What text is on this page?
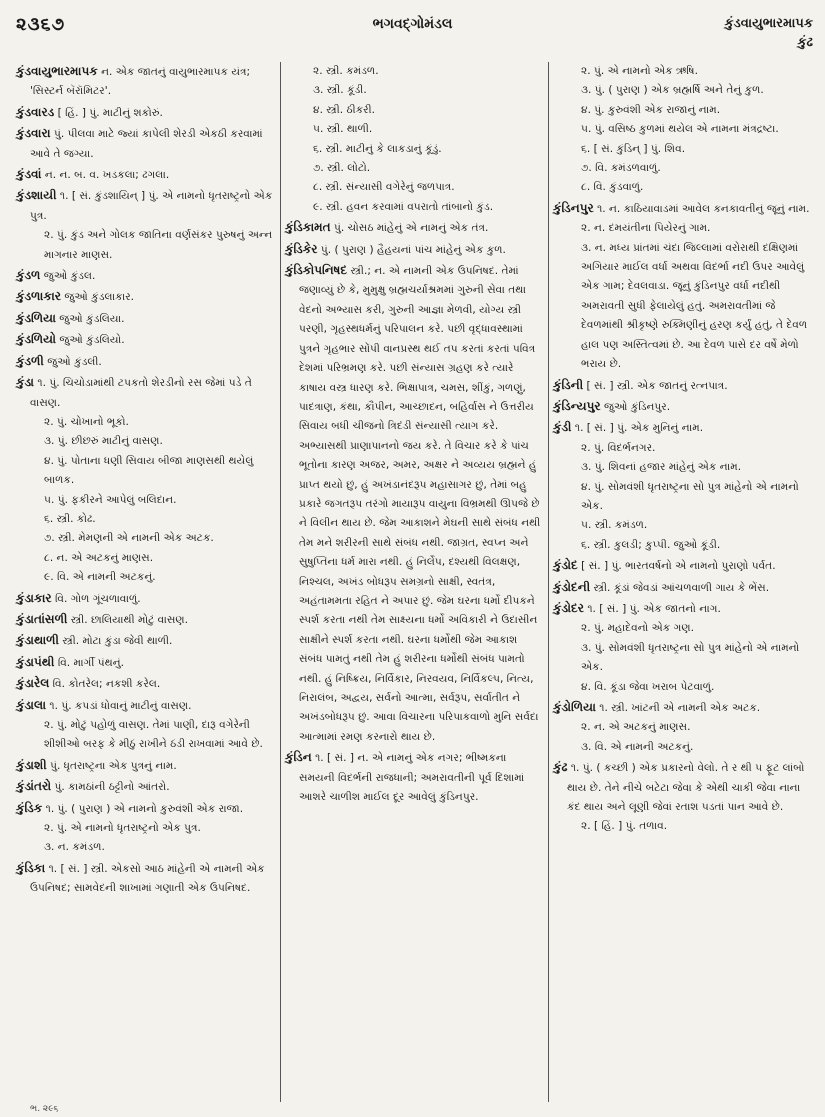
૨૩૬૭	ભગવદ્ગોમંડલ	કુંડવાયુભારમાપક
કુંઢ
કુંડવાયુભારમાપક ન. એક જાતનું વાયુભારમાપક યંત્ર; 'સિસ્ટર્ન બૅરૉમિટર'.
કુંડવારડ [ હિં. ] પું. માટીનું શકોરું.
કુંડવારા પું. પીલવા માટે જ્યાં કાપેલી શેરડી એકઠી કરવામાં આવે તે જગ્યા.
કુંડવાં ન. ન. બ. વ. ખડકલા; ઢગલા.
કુંડશાયી ૧. [ સં. કુંડશાયિન્ ] પું. એ નામનો ધૃતરાષ્ટ્રનો એક પુત્ર.
૨. પું. કુંડ અને ગોલક જાતિના વર્ણસંકર પુરુષનું અન્ન માગનાર માણસ.
કુંડળ જુઓ કુંડલ.
કુંડળાકાર જુઓ કુંડલાકાર.
કુંડળિયા જુઓ કુંડલિયા.
કુંડળિયો જુઓ કુંડલિયો.
કુંડળી જુઓ કુંડલી.
કુંડા ૧. પું. ચિચોડામાંથી ટપકતો શેરડીનો રસ જેમાં પડે તે વાસણ.
૨. પું. ચોખાનો ભૂકો.
૩. પું. છીછરું માટીનું વાસણ.
૪. પું. પોતાના ધણી સિવાય બીજા માણસથી થયેલું બાળક.
૫. પું. ફકીરને આપેલું બલિદાન.
૬. સ્ત્રી. કોઢ.
૭. સ્ત્રી. મેમણની એ નામની એક અટક.
૮. ન. એ અટકનું માણસ.
૯. વિ. એ નામની અટકનું.
કુંડાકાર વિ. ગોળ ગૂંચળાવાળું.
કુંડાતાંસળી સ્ત્રી. છાલિયાથી મોટું વાસણ.
કુંડાથાળી સ્ત્રી. મોટા કુંડા જેવી થાળી.
કુંડાપંથી વિ. માર્ગી પંથનું.
કુંડારેલ વિ. કોતરેલ; નકશી કરેલ.
કુંડાલા ૧. પું. કપડાં ધોવાનું માટીનું વાસણ.
૨. પું. મોટું પહોળું વાસણ. તેમાં પાણી, દારૂ વગેરેની શીશીઓ બરફ કે મીઠું રાખીને ઠંડી રાખવામાં આવે છે.
કુંડાશી પું. ધૃતરાષ્ટ્રના એક પુત્રનું નામ.
કુંડાંતરો પું. કામઠાંની ઠટ્ટીનો આંતરો.
કુંડિક ૧. પું. ( પુરાણ ) એ નામનો કુરુવંશી એક રાજા.
૨. પું. એ નામનો ધૃતરાષ્ટ્રનો એક પુત્ર.
૩. ન. કમંડળ.
કુંડિકા ૧. [ સં. ] સ્ત્રી. એકસો આઠ માંહેની એ નામની એક ઉપનિષદ; સામવેદની શાખામાં ગણાતી એક ઉપનિષદ.
૨. સ્ત્રી. કમંડળ.
૩. સ્ત્રી. કૂંડી.
૪. સ્ત્રી. ઠીકરી.
૫. સ્ત્રી. થાળી.
૬. સ્ત્રી. માટીનું કે લાકડાનું કૂંડું.
૭. સ્ત્રી. લોટો.
૮. સ્ત્રી. સંન્યાસી વગેરેનું જળપાત્ર.
૯. સ્ત્રી. હવન કરવામાં વપરાતો તાંબાનો કુંડ.
કુંડિકામત પું. ચોસઠ માંહેનું એ નામનું એક તંત્ર.
કુંડિકેર પું. ( પુરાણ ) હૈહયનાં પાંચ માંહેનું એક કુળ.
કુંડિકોપનિષદ સ્ત્રી.; ન. એ નામની એક ઉપનિષદ. તેમાં જણાવ્યું છે કે, મુમુક્ષુ બ્રહ્મચર્યાશ્રમમાં ગુરુની સેવા તથા વેદનો અભ્યાસ કરી, ગુરુની આજ્ઞા મેળવી, યોગ્ય સ્ત્રી પરણી, ગૃહસ્થધર્મનું પરિપાલન કરે. પછી વૃદ્ધાવસ્થામાં પુત્રને ગૃહભાર સોંપી વાનપ્રસ્થ થઈ તપ કરતાં કરતાં પવિત્ર દેશમાં પરિભ્રમણ કરે. પછી સંન્યાસ ગ્રહણ કરે ત્યારે કાષાય વસ્ત્ર ધારણ કરે. ભિક્ષાપાત્ર, ચમસ, શીંકું, ગળણું, પાદત્રાણ, કંથા, કૌપીન, આચ્છાદન, બહિર્વાસ ને ઉત્તરીય સિવાય બધી ચીજનો ત્રિદંડી સંન્યાસી ત્યાગ કરે. અભ્યાસથી પ્રાણાપાનનો જય કરે. તે વિચાર કરે કે પાંચ ભૂતોના કારણ અજર, અમર, અક્ષર ને અવ્યય બ્રહ્મને હું પ્રાપ્ત થયો છું, હું અખંડાનંદરૂપ મહાસાગર છું, તેમાં બહુ પ્રકારે જગતરૂપ તરંગો માયારૂપ વાયુના વિભ્રમથી ઊપજે છે ને વિલીન થાય છે. જેમ આકાશને મેઘની સાથે સંબંધ નથી તેમ મને શરીરની સાથે સંબંધ નથી. જાગ્રત, સ્વપ્ન અને સુષુપ્તિના ધર્મ મારા નથી. હું નિર્લેપ, દશ્યથી વિલક્ષણ, નિશ્ચલ, અખંડ બોધરૂપ સમગ્રનો સાક્ષી, સ્વતંત્ર, અહંતામમતા રહિત ને અપાર છું. જેમ ઘરના ધર્મો દીપકને સ્પર્શ કરતા નથી તેમ સાક્ષ્યના ધર્મો અવિકારી ને ઉદાસીન સાક્ષીને સ્પર્શ કરતા નથી. ઘરના ધર્મોથી જેમ આકાશ સંબંધ પામતું નથી તેમ હું શરીરના ધર્મોથી સંબંધ પામતો નથી. હું નિષ્ક્રિય, નિર્વિકાર, નિરવયવ, નિર્વિકલ્પ, નિત્ય, નિરાલંબ, અદ્વય, સર્વનો આત્મા, સર્વરૂપ, સર્વાતીત ને અખંડબોધરૂપ છું. આવા વિચારના પરિપાકવાળો મુનિ સર્વદા આત્મામાં રમણ કરનારો થાય છે.
કુંડિન ૧. [ સં. ] ન. એ નામનું એક નગર; ભીષ્મકના સમયની વિદર્ભની રાજધાની; અમરાવતીની પૂર્વ દિશામાં આશરે ચાળીશ માઈલ દૂર આવેલું કુંડિનપુર.
૨. પું. એ નામનો એક ઋષિ.
૩. પું. ( પુરાણ ) એક બ્રહ્મર્ષિ અને તેનું કુળ.
૪. પું. કુરુવંશી એક રાજાનું નામ.
૫. પું. વસિષ્ઠ કુળમાં થયેલ એ નામના મંત્રદ્રષ્ટા.
૬. [ સં. કુંડિન્ ] પું. શિવ.
૭. વિ. કમંડળવાળું.
૮. વિ. કુંડવાળું.
કુંડિનપુર ૧. ન. કાઠિયાવાડમાં આવેલ કનકાવતીનું જૂનું નામ.
૨. ન. દમયંતીના પિયેરનું ગામ.
૩. ન. મધ્ય પ્રાંતમાં ચંદા જિલ્લામાં વરોરાથી દક્ષિણમાં અગિયાર માઈલ વર્ધા અથવા વિદર્ભા નદી ઉપર આવેલું એક ગામ; દેવલવાડા. જૂનું કુંડિનપુર વર્ધા નદીથી અમરાવતી સુધી ફેલાયેલું હતું. અમરાવતીમાં જે દેવળમાંથી શ્રીકૃષ્ણે રુક્મિણીનું હરણ કર્યું હતું, તે દેવળ હાલ પણ અસ્તિત્વમાં છે. આ દેવળ પાસે દર વર્ષે મેળો ભરાય છે.
કુંડિની [ સં. ] સ્ત્રી. એક જાતનું રત્નપાત્ર.
કુંડિન્યપુર જુઓ કુંડિનપુર.
કુંડી ૧. [ સં. ] પું. એક મુનિનું નામ.
૨. પું. વિદર્ભનગર.
૩. પું. શિવનાં હજાર માંહેનું એક નામ.
૪. પું. સોમવંશી ધૃતરાષ્ટ્રના સો પુત્ર માંહેનો એ નામનો એક.
૫. સ્ત્રી. કમંડળ.
૬. સ્ત્રી. કુલડી; કુપ્પી. જુઓ કૂંડી.
કુંડોદ [ સં. ] પું. ભારતવર્ષનો એ નામનો પુરાણો પર્વત.
કુંડોદની સ્ત્રી. કૂંડાં જેવડાં આંચળવાળી ગાય કે ભેંસ.
કુંડોદર ૧. [ સં. ] પું. એક જાતનો નાગ.
૨. પું. મહાદેવનો એક ગણ.
૩. પું. સોમવંશી ધૃતરાષ્ટ્રના સો પુત્ર માંહેનો એ નામનો એક.
૪. વિ. કૂંડા જેવા ખરાબ પેટવાળું.
કુંડોળિયા ૧. સ્ત્રી. ખાંટની એ નામની એક અટક.
૨. ન. એ અટકનું માણસ.
૩. વિ. એ નામની અટકનું.
કુંઢ ૧. પું. ( કચ્છી ) એક પ્રકારનો વેલો. તે ર થી ૫ ફૂટ લાંબો થાય છે. તેને નીચે બટેટા જેવા કે એથી ચાકી જેવા નાના કંદ થાય અને લૂણી જેવાં રતાશ પડતાં પાન આવે છે.
૨. [ હિં. ] પું. તળાવ.
ભ. ૨૯૬
